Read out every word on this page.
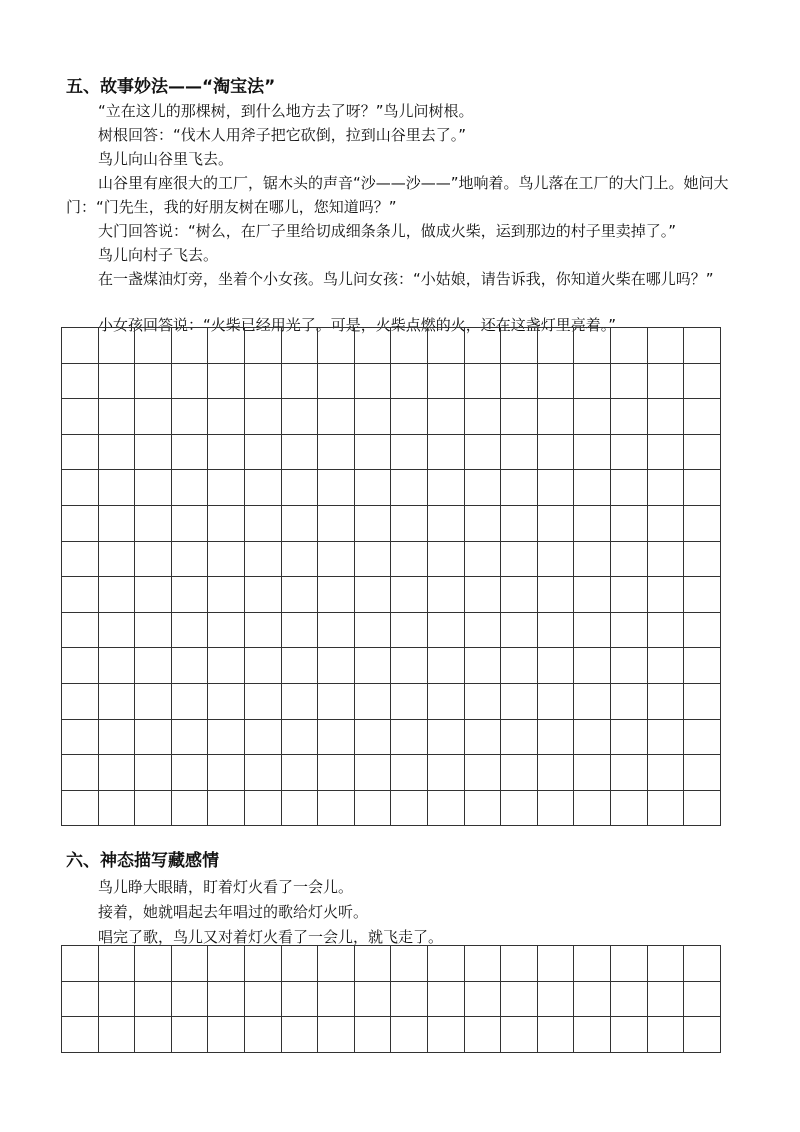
五、故事妙法——“淘宝法”
“立在这儿的那棵树，到什么地方去了呀？”鸟儿问树根。
树根回答：“伐木人用斧子把它砍倒，拉到山谷里去了。”
鸟儿向山谷里飞去。
山谷里有座很大的工厂，锯木头的声音“沙——沙——”地响着。鸟儿落在工厂的大门上。她问大门：“门先生，我的好朋友树在哪儿，您知道吗？”
大门回答说：“树么，在厂子里给切成细条条儿，做成火柴，运到那边的村子里卖掉了。”
鸟儿向村子飞去。
在一盏煤油灯旁，坐着个小女孩。鸟儿问女孩：“小姑娘，请告诉我，你知道火柴在哪儿吗？”
小女孩回答说：“火柴已经用光了。可是，火柴点燃的火，还在这盏灯里亮着。”
六、神态描写藏感情
鸟儿睁大眼睛，盯着灯火看了一会儿。
接着，她就唱起去年唱过的歌给灯火听。
唱完了歌，鸟儿又对着灯火看了一会儿，就飞走了。
